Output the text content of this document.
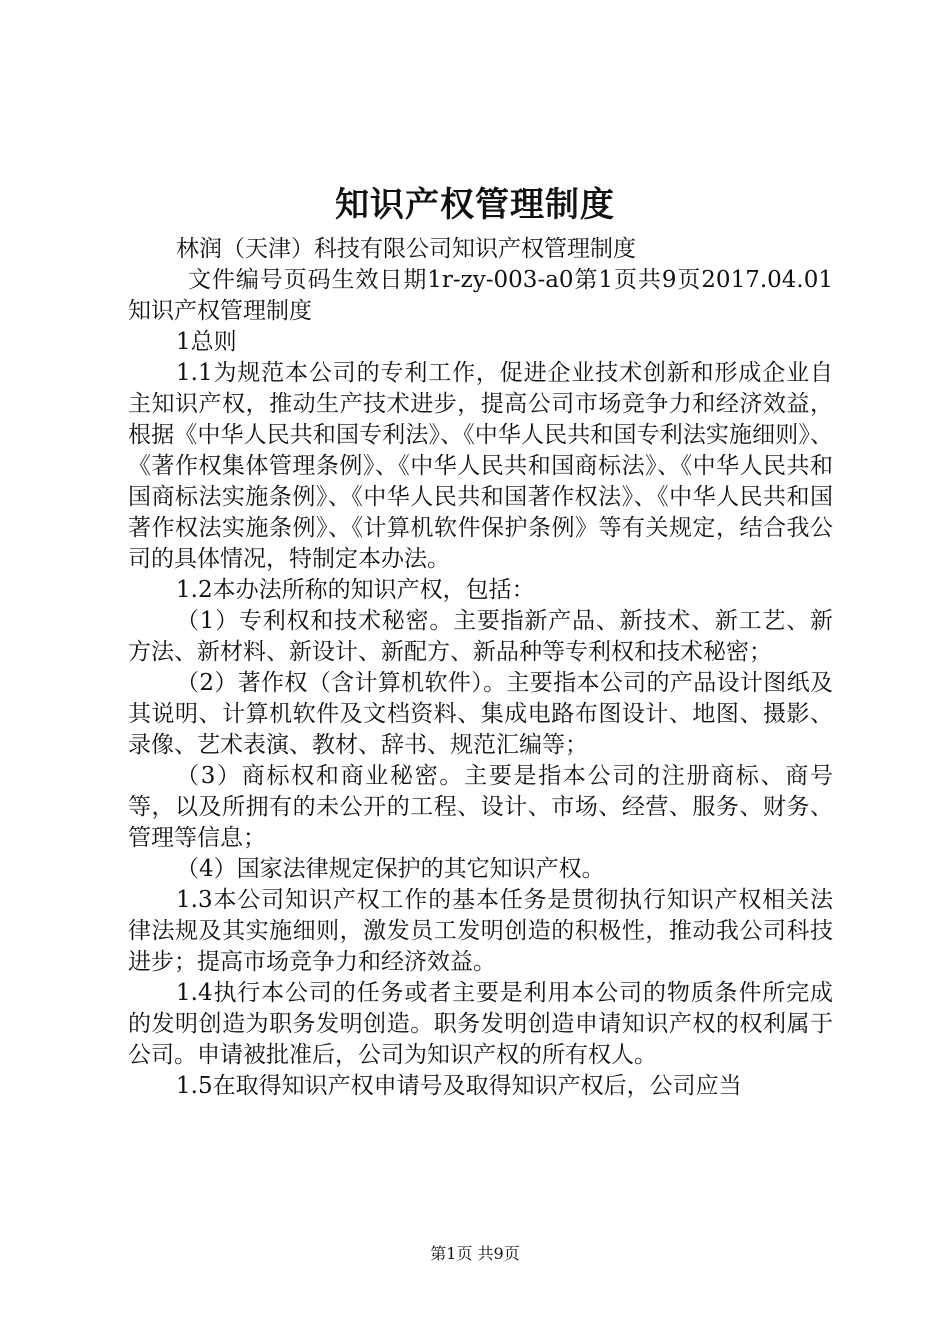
知识产权管理制度

林润（天津）科技有限公司知识产权管理制度

文件编号页码生效日期1r-zy-003-a0第1页共9页2017.04.01知识产权管理制度

1总则

1.1为规范本公司的专利工作，促进企业技术创新和形成企业自主知识产权，推动生产技术进步，提高公司市场竞争力和经济效益，根据《中华人民共和国专利法》、《中华人民共和国专利法实施细则》、《著作权集体管理条例》、《中华人民共和国商标法》、《中华人民共和国商标法实施条例》、《中华人民共和国著作权法》、《中华人民共和国著作权法实施条例》、《计算机软件保护条例》等有关规定，结合我公司的具体情况，特制定本办法。

1.2本办法所称的知识产权，包括：

（1）专利权和技术秘密。主要指新产品、新技术、新工艺、新方法、新材料、新设计、新配方、新品种等专利权和技术秘密；

（2）著作权（含计算机软件）。主要指本公司的产品设计图纸及其说明、计算机软件及文档资料、集成电路布图设计、地图、摄影、录像、艺术表演、教材、辞书、规范汇编等；

（3）商标权和商业秘密。主要是指本公司的注册商标、商号等，以及所拥有的未公开的工程、设计、市场、经营、服务、财务、管理等信息；

（4）国家法律规定保护的其它知识产权。

1.3本公司知识产权工作的基本任务是贯彻执行知识产权相关法律法规及其实施细则，激发员工发明创造的积极性，推动我公司科技进步；提高市场竞争力和经济效益。

1.4执行本公司的任务或者主要是利用本公司的物质条件所完成的发明创造为职务发明创造。职务发明创造申请知识产权的权利属于公司。申请被批准后，公司为知识产权的所有权人。

1.5在取得知识产权申请号及取得知识产权后，公司应当

第1页 共9页
